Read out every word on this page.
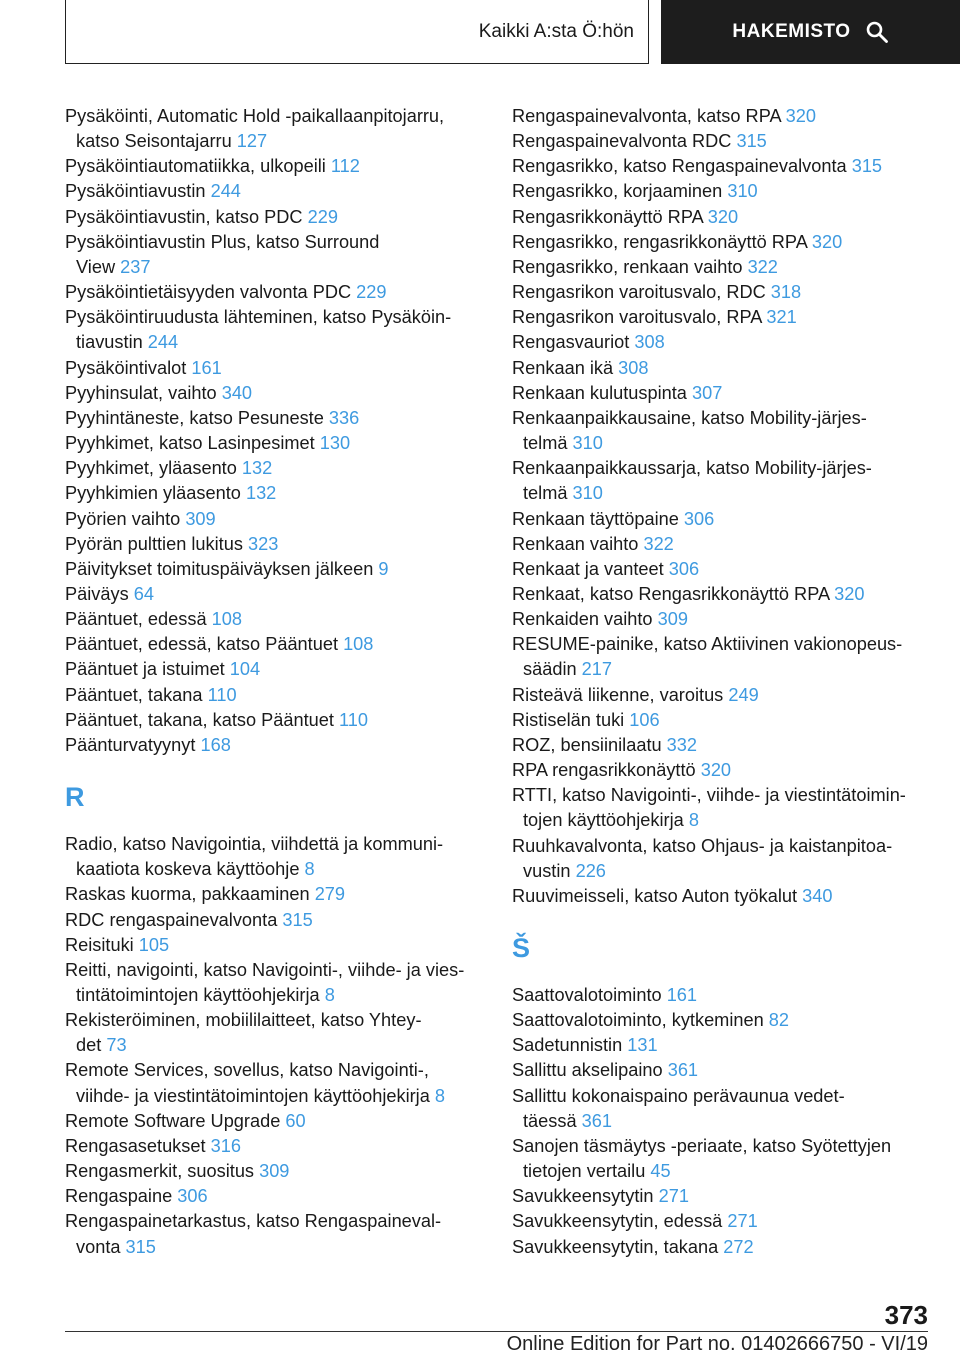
Kaikki A:sta Ö:hön	HAKEMISTO
Pysäköinti, Automatic Hold -paikallaanpitojarru,
katso Seisontajarru 127
Pysäköintiautomatiikka, ulkopeili 112
Pysäköintiavustin 244
Pysäköintiavustin, katso PDC 229
Pysäköintiavustin Plus, katso Surround
View 237
Pysäköintietäisyyden valvonta PDC 229
Pysäköintiruudusta lähteminen, katso Pysäköin‐
tiavustin 244
Pysäköintivalot 161
Pyyhinsulat, vaihto 340
Pyyhintäneste, katso Pesuneste 336
Pyyhkimet, katso Lasinpesimet 130
Pyyhkimet, yläasento 132
Pyyhkimien yläasento 132
Pyörien vaihto 309
Pyörän pulttien lukitus 323
Päivitykset toimituspäiväyksen jälkeen 9
Päiväys 64
Pääntuet, edessä 108
Pääntuet, edessä, katso Pääntuet 108
Pääntuet ja istuimet 104
Pääntuet, takana 110
Pääntuet, takana, katso Pääntuet 110
Päänturvatyynyt 168
R
Radio, katso Navigointia, viihdettä ja kommuni‐
kaatiota koskeva käyttöohje 8
Raskas kuorma, pakkaaminen 279
RDC rengaspainevalvonta 315
Reisituki 105
Reitti, navigointi, katso Navigointi-, viihde- ja vies‐
tintätoimintojen käyttöohjekirja 8
Rekisteröiminen, mobiililaitteet, katso Yhtey‐
det 73
Remote Services, sovellus, katso Navigointi-,
viihde- ja viestintätoimintojen käyttöohjekirja 8
Remote Software Upgrade 60
Rengasasetukset 316
Rengasmerkit, suositus 309
Rengaspaine 306
Rengaspainetarkastus, katso Rengaspaineval‐
vonta 315
Rengaspainevalvonta, katso RPA 320
Rengaspainevalvonta RDC 315
Rengasrikko, katso Rengaspainevalvonta 315
Rengasrikko, korjaaminen 310
Rengasrikkonäyttö RPA 320
Rengasrikko, rengasrikkonäyttö RPA 320
Rengasrikko, renkaan vaihto 322
Rengasrikon varoitusvalo, RDC 318
Rengasrikon varoitusvalo, RPA 321
Rengasvauriot 308
Renkaan ikä 308
Renkaan kulutuspinta 307
Renkaanpaikkausaine, katso Mobility-järjes‐
telmä 310
Renkaanpaikkaussarja, katso Mobility-järjes‐
telmä 310
Renkaan täyttöpaine 306
Renkaan vaihto 322
Renkaat ja vanteet 306
Renkaat, katso Rengasrikkonäyttö RPA 320
Renkaiden vaihto 309
RESUME-painike, katso Aktiivinen vakionopeus‐
säädin 217
Risteävä liikenne, varoitus 249
Ristiselän tuki 106
ROZ, bensiinilaatu 332
RPA rengasrikkonäyttö 320
RTTI, katso Navigointi-, viihde- ja viestintätoimin‐
tojen käyttöohjekirja 8
Ruuhkavalvonta, katso Ohjaus- ja kaistanpitoa‐
vustin 226
Ruuvimeisseli, katso Auton työkalut 340
Š
Saattovalotoiminto 161
Saattovalotoiminto, kytkeminen 82
Sadetunnistin 131
Sallittu akselipaino 361
Sallittu kokonaispaino perävaunua vedet‐
täessä 361
Sanojen täsmäytys -periaate, katso Syötettyjen
tietojen vertailu 45
Savukkeensytytin 271
Savukkeensytytin, edessä 271
Savukkeensytytin, takana 272
373
Online Edition for Part no. 01402666750 - VI/19
